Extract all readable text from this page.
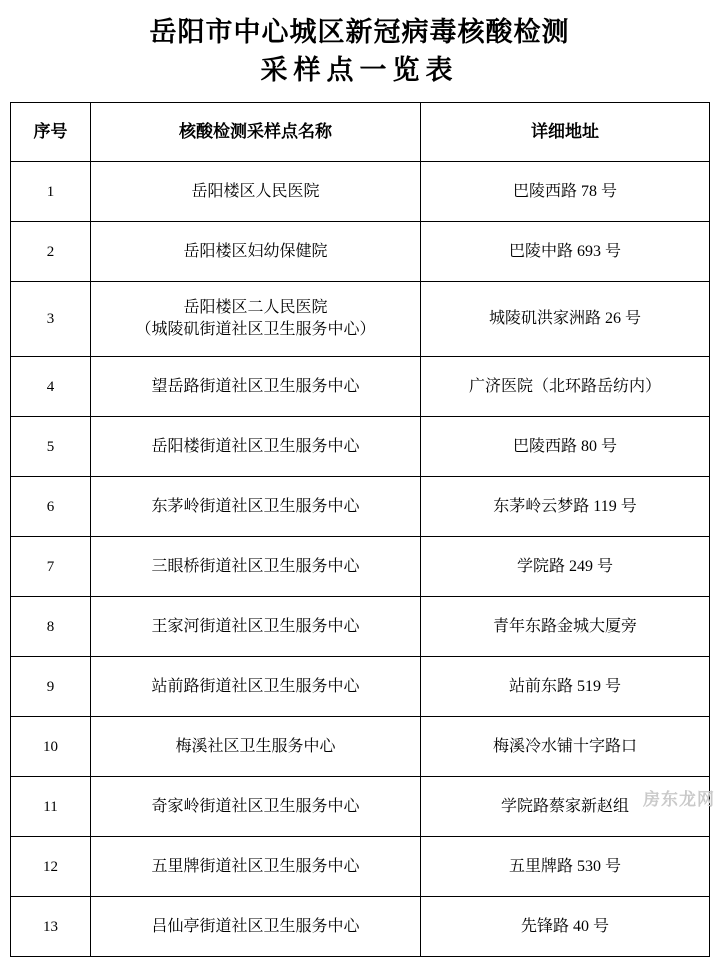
岳阳市中心城区新冠病毒核酸检测
采样点一览表
序号	核酸检测采样点名称	详细地址
1	岳阳楼区人民医院	巴陵西路 78 号
2	岳阳楼区妇幼保健院	巴陵中路 693 号
3	岳阳楼区二人民医院
（城陵矶街道社区卫生服务中心）	城陵矶洪家洲路 26 号
4	望岳路街道社区卫生服务中心	广济医院（北环路岳纺内）
5	岳阳楼街道社区卫生服务中心	巴陵西路 80 号
6	东茅岭街道社区卫生服务中心	东茅岭云梦路 119 号
7	三眼桥街道社区卫生服务中心	学院路 249 号
8	王家河街道社区卫生服务中心	青年东路金城大厦旁
9	站前路街道社区卫生服务中心	站前东路 519 号
10	梅溪社区卫生服务中心	梅溪冷水铺十字路口
11	奇家岭街道社区卫生服务中心	学院路蔡家新赵组
12	五里牌街道社区卫生服务中心	五里牌路 530 号
13	吕仙亭街道社区卫生服务中心	先锋路 40 号
房东龙网
